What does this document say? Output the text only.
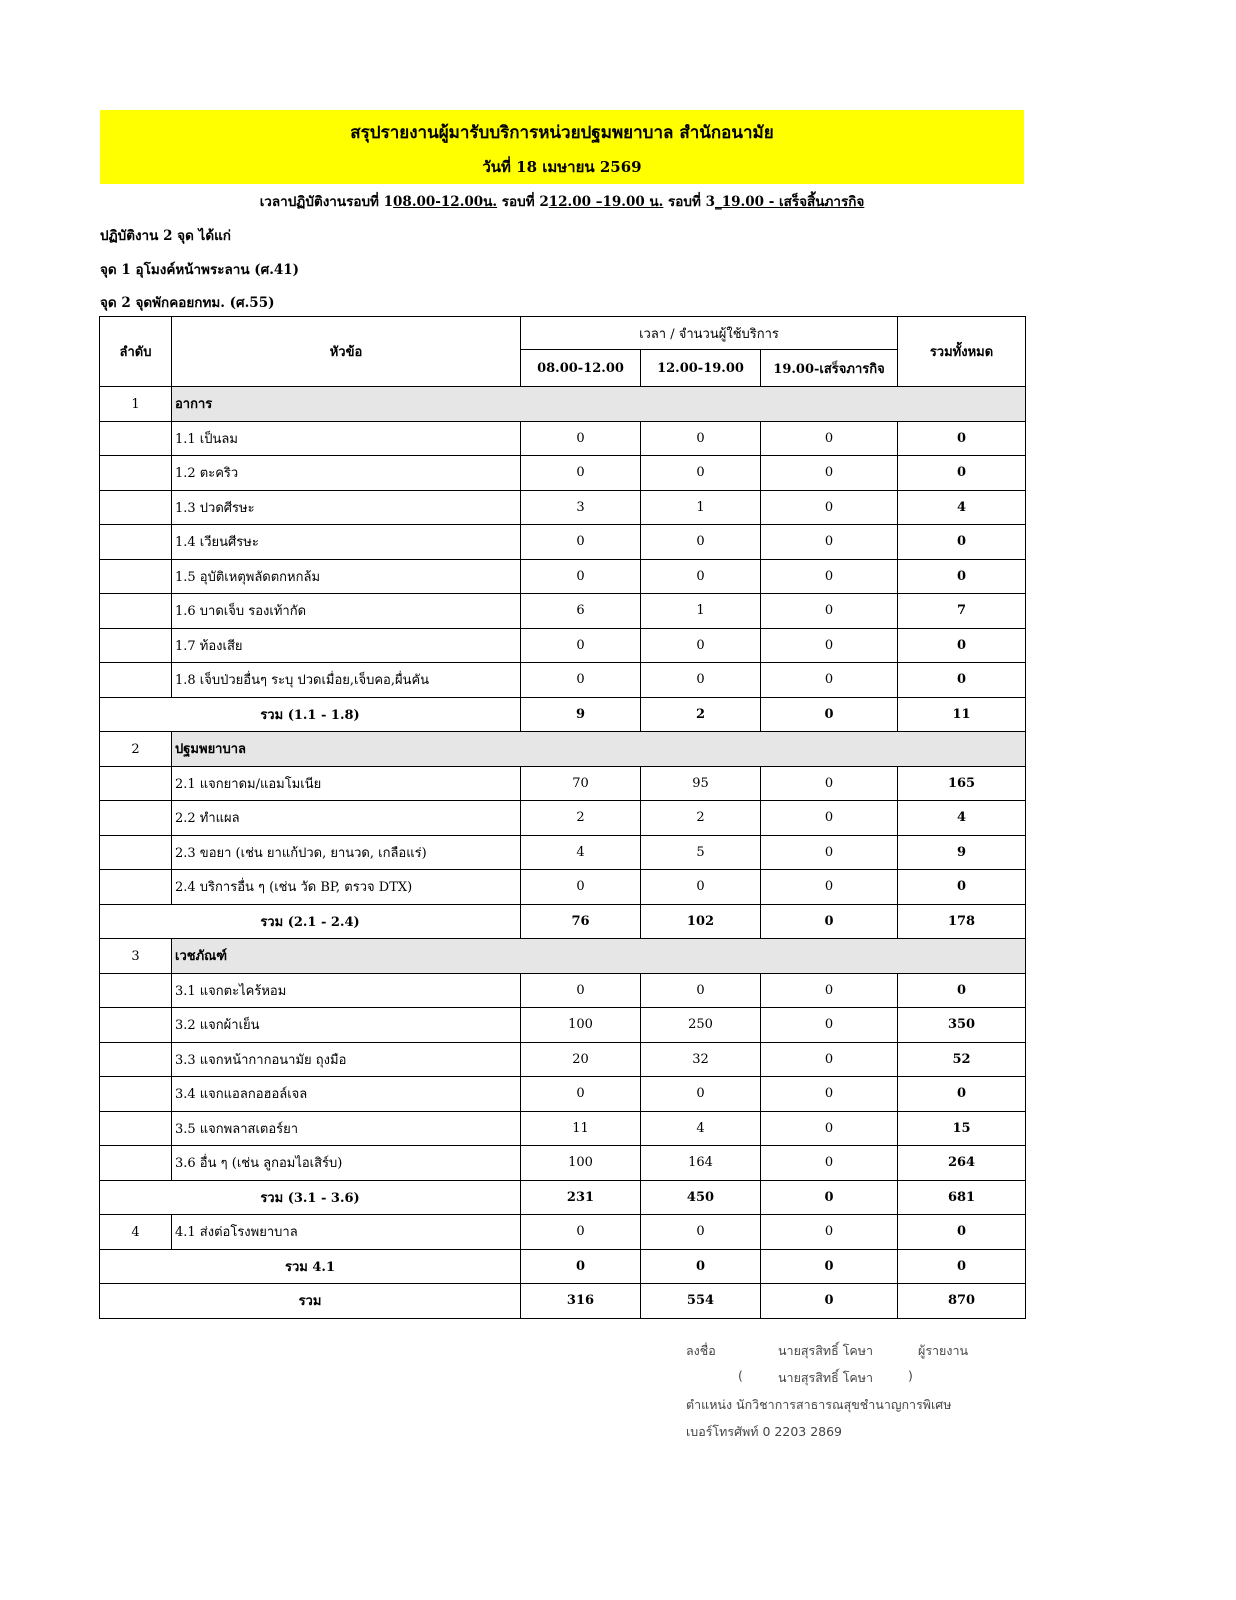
สรุปรายงานผู้มารับบริการหน่วยปฐมพยาบาล สำนักอนามัย
วันที่ 18 เมษายน 2569
เวลาปฏิบัติงานรอบที่ 108.00-12.00น. รอบที่ 212.00 –19.00 น. รอบที่ 3_19.00 - เสร็จสิ้นภารกิจ
ปฏิบัติงาน 2 จุด ได้แก่
จุด 1 อุโมงค์หน้าพระลาน (ศ.41)
จุด 2 จุดพักคอยกทม. (ศ.55)
ลำดับ	หัวข้อ	เวลา / จำนวนผู้ใช้บริการ			รวมทั้งหมด
		08.00-12.00	12.00-19.00	19.00-เสร็จภารกิจ	
1	อาการ				
	1.1 เป็นลม	0	0	0	0
	1.2 ตะคริว	0	0	0	0
	1.3 ปวดศีรษะ	3	1	0	4
	1.4 เวียนศีรษะ	0	0	0	0
	1.5 อุบัติเหตุพลัดตกหกล้ม	0	0	0	0
	1.6 บาดเจ็บ รองเท้ากัด	6	1	0	7
	1.7 ท้องเสีย	0	0	0	0
	1.8 เจ็บป่วยอื่นๆ ระบุ ปวดเมื่อย,เจ็บคอ,ผื่นคัน	0	0	0	0
รวม (1.1 - 1.8)		9	2	0	11
2	ปฐมพยาบาล				
	2.1 แจกยาดม/แอมโมเนีย	70	95	0	165
	2.2 ทำแผล	2	2	0	4
	2.3 ขอยา (เช่น ยาแก้ปวด, ยานวด, เกลือแร่)	4	5	0	9
	2.4 บริการอื่น ๆ (เช่น วัด BP, ตรวจ DTX)	0	0	0	0
รวม (2.1 - 2.4)		76	102	0	178
3	เวชภัณฑ์				
	3.1 แจกตะไคร้หอม	0	0	0	0
	3.2 แจกผ้าเย็น	100	250	0	350
	3.3 แจกหน้ากากอนามัย ถุงมือ	20	32	0	52
	3.4 แจกแอลกอฮอล์เจล	0	0	0	0
	3.5 แจกพลาสเตอร์ยา	11	4	0	15
	3.6 อื่น ๆ (เช่น ลูกอมไอเสิร์บ)	100	164	0	264
รวม (3.1 - 3.6)		231	450	0	681
4	4.1 ส่งต่อโรงพยาบาล	0	0	0	0
รวม 4.1		0	0	0	0
รวม		316	554	0	870
ลงชื่อ	นายสุรสิทธิ์ โคษา	ผู้รายงาน
(	นายสุรสิทธิ์ โคษา	)
ตำแหน่ง นักวิชาการสาธารณสุขชำนาญการพิเศษ
เบอร์โทรศัพท์ 0 2203 2869
